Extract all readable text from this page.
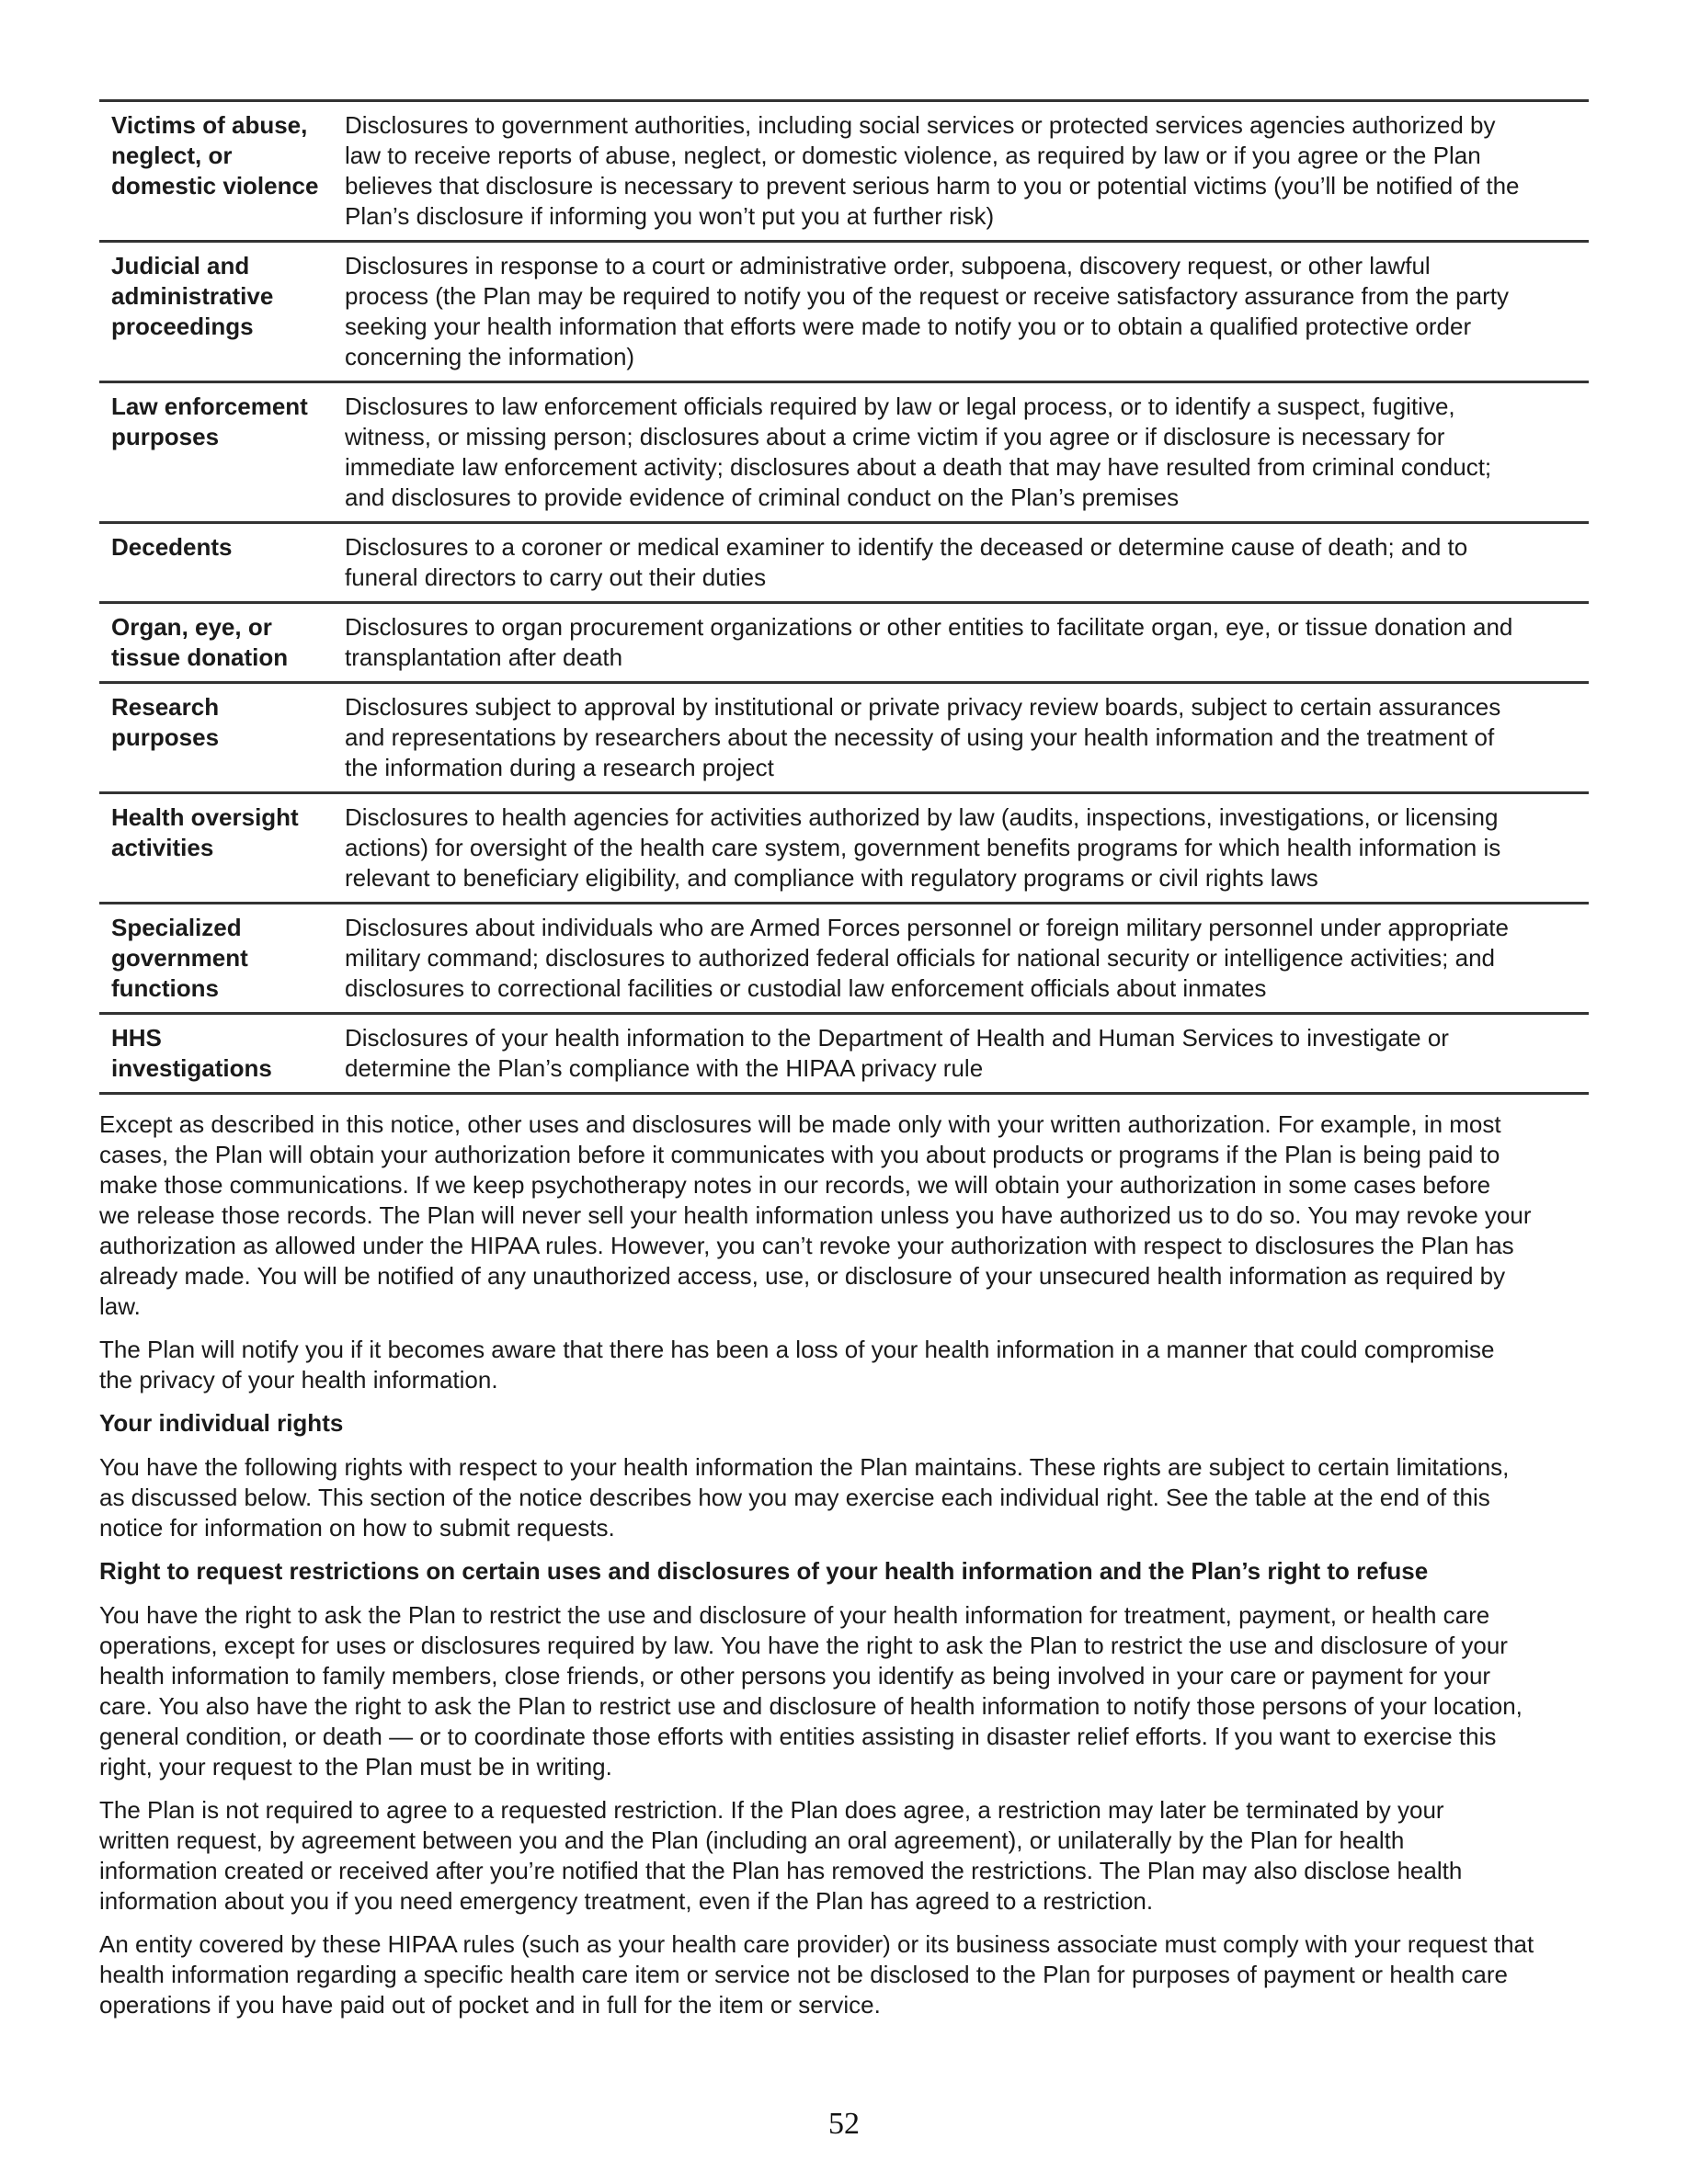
Victims of abuse,
neglect, or
domestic violence
Disclosures to government authorities, including social services or protected services agencies authorized by
law to receive reports of abuse, neglect, or domestic violence, as required by law or if you agree or the Plan
believes that disclosure is necessary to prevent serious harm to you or potential victims (you’ll be notified of the
Plan’s disclosure if informing you won’t put you at further risk)
Judicial and
administrative
proceedings
Disclosures in response to a court or administrative order, subpoena, discovery request, or other lawful
process (the Plan may be required to notify you of the request or receive satisfactory assurance from the party
seeking your health information that efforts were made to notify you or to obtain a qualified protective order
concerning the information)
Law enforcement
purposes
Disclosures to law enforcement officials required by law or legal process, or to identify a suspect, fugitive,
witness, or missing person; disclosures about a crime victim if you agree or if disclosure is necessary for
immediate law enforcement activity; disclosures about a death that may have resulted from criminal conduct;
and disclosures to provide evidence of criminal conduct on the Plan’s premises
Decedents	Disclosures to a coroner or medical examiner to identify the deceased or determine cause of death; and to
funeral directors to carry out their duties
Organ, eye, or
tissue donation
Disclosures to organ procurement organizations or other entities to facilitate organ, eye, or tissue donation and
transplantation after death
Research
purposes
Disclosures subject to approval by institutional or private privacy review boards, subject to certain assurances
and representations by researchers about the necessity of using your health information and the treatment of
the information during a research project
Health oversight
activities
Disclosures to health agencies for activities authorized by law (audits, inspections, investigations, or licensing
actions) for oversight of the health care system, government benefits programs for which health information is
relevant to beneficiary eligibility, and compliance with regulatory programs or civil rights laws
Specialized
government
functions
Disclosures about individuals who are Armed Forces personnel or foreign military personnel under appropriate
military command; disclosures to authorized federal officials for national security or intelligence activities; and
disclosures to correctional facilities or custodial law enforcement officials about inmates
HHS
investigations
Disclosures of your health information to the Department of Health and Human Services to investigate or
determine the Plan’s compliance with the HIPAA privacy rule
Except as described in this notice, other uses and disclosures will be made only with your written authorization. For example, in most
cases, the Plan will obtain your authorization before it communicates with you about products or programs if the Plan is being paid to
make those communications. If we keep psychotherapy notes in our records, we will obtain your authorization in some cases before
we release those records. The Plan will never sell your health information unless you have authorized us to do so. You may revoke your
authorization as allowed under the HIPAA rules. However, you can’t revoke your authorization with respect to disclosures the Plan has
already made. You will be notified of any unauthorized access, use, or disclosure of your unsecured health information as required by
law.
The Plan will notify you if it becomes aware that there has been a loss of your health information in a manner that could compromise
the privacy of your health information.
Your individual rights
You have the following rights with respect to your health information the Plan maintains. These rights are subject to certain limitations,
as discussed below. This section of the notice describes how you may exercise each individual right. See the table at the end of this
notice for information on how to submit requests.
Right to request restrictions on certain uses and disclosures of your health information and the Plan’s right to refuse
You have the right to ask the Plan to restrict the use and disclosure of your health information for treatment, payment, or health care
operations, except for uses or disclosures required by law. You have the right to ask the Plan to restrict the use and disclosure of your
health information to family members, close friends, or other persons you identify as being involved in your care or payment for your
care. You also have the right to ask the Plan to restrict use and disclosure of health information to notify those persons of your location,
general condition, or death — or to coordinate those efforts with entities assisting in disaster relief efforts. If you want to exercise this
right, your request to the Plan must be in writing.
The Plan is not required to agree to a requested restriction. If the Plan does agree, a restriction may later be terminated by your
written request, by agreement between you and the Plan (including an oral agreement), or unilaterally by the Plan for health
information created or received after you’re notified that the Plan has removed the restrictions. The Plan may also disclose health
information about you if you need emergency treatment, even if the Plan has agreed to a restriction.
An entity covered by these HIPAA rules (such as your health care provider) or its business associate must comply with your request that
health information regarding a specific health care item or service not be disclosed to the Plan for purposes of payment or health care
operations if you have paid out of pocket and in full for the item or service.
52
